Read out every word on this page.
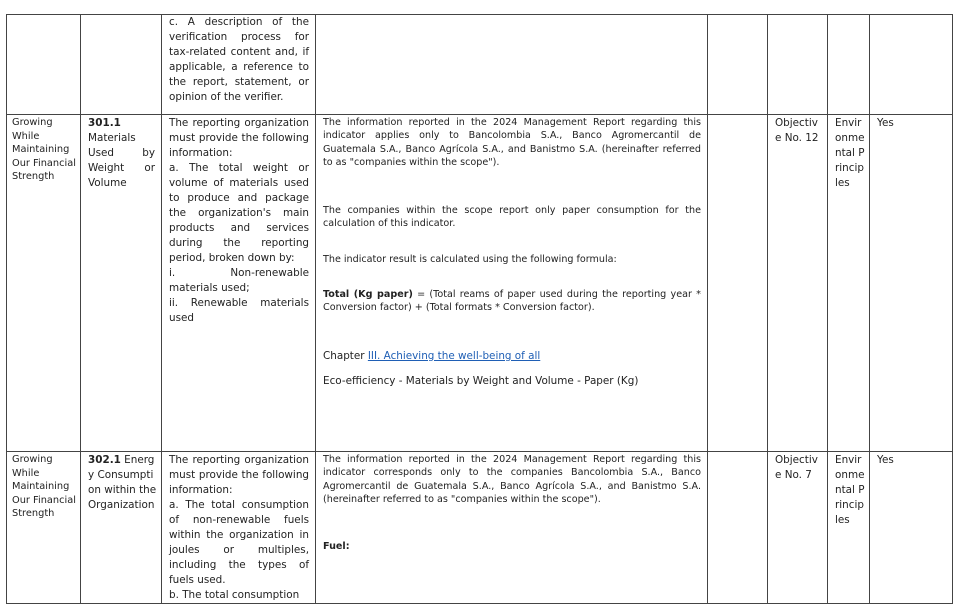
c. A description of the verification process for tax-related content and, if applicable, a reference to the report, statement, or opinion of the verifier.
Growing While Maintaining Our Financial Strength
301.1
Materials Used by Weight or Volume

The reporting organization must provide the following information:

a. The total weight or volume of materials used to produce and package the organization's main products and services during the reporting period, broken down by:

i. Non-renewable materials used;

ii. Renewable materials used

The information reported in the 2024 Management Report regarding this indicator applies only to Bancolombia S.A., Banco Agromercantil de Guatemala S.A., Banco Agrícola S.A., and Banistmo S.A. (hereinafter referred to as "companies within the scope").

The companies within the scope report only paper consumption for the calculation of this indicator.

The indicator result is calculated using the following formula:

Total (Kg paper) = (Total reams of paper used during the reporting year * Conversion factor) + (Total formats * Conversion factor).

Chapter III. Achieving the well-being of all

Eco-efficiency - Materials by Weight and Volume - Paper (Kg)

Objective No. 12
Environmental Principles
Yes
Growing While Maintaining Our Financial Strength
302.1 Energy Consumption within the Organization

The reporting organization must provide the following information:

a. The total consumption of non-renewable fuels within the organization in joules or multiples, including the types of fuels used.

b. The total consumption

The information reported in the 2024 Management Report regarding this indicator corresponds only to the companies Bancolombia S.A., Banco Agromercantil de Guatemala S.A., Banco Agrícola S.A., and Banistmo S.A. (hereinafter referred to as "companies within the scope").

Fuel:

Objective No. 7
Environmental Principles
Yes
